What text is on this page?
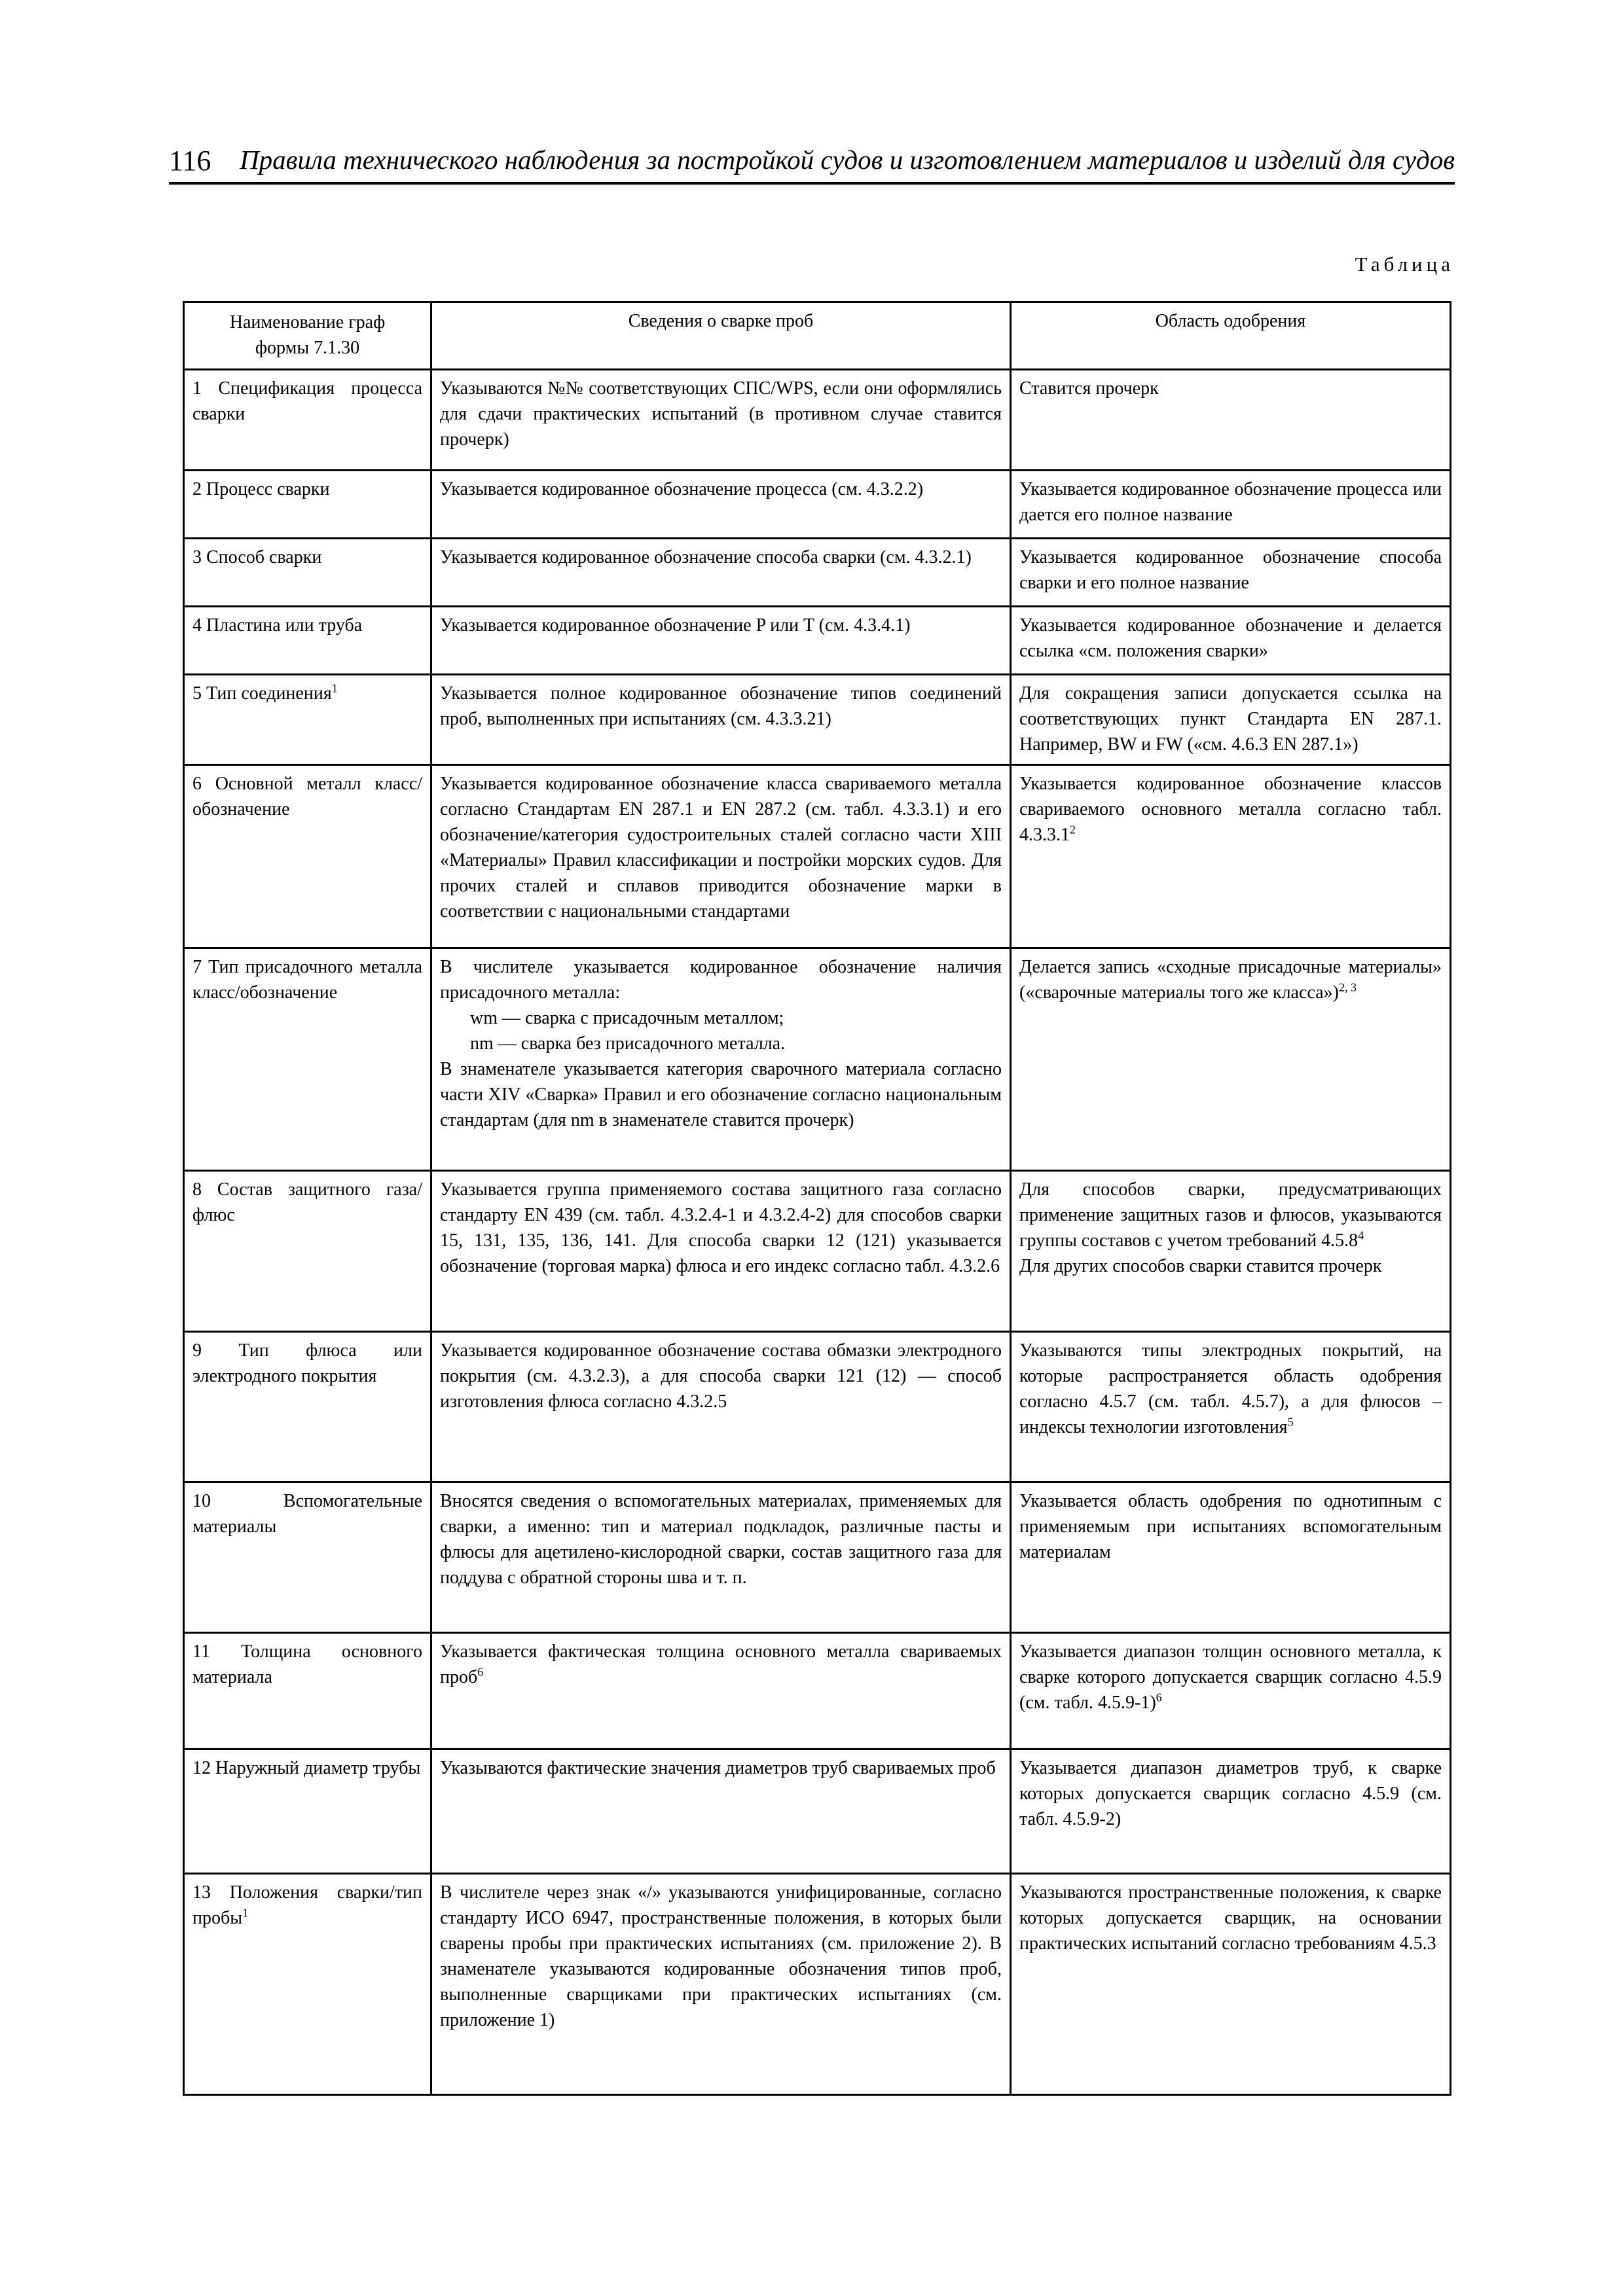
116 Правила технического наблюдения за постройкой судов и изготовлением материалов и изделий для судов
Таблица
Наименование граф формы 7.1.30	Сведения о сварке проб	Область одобрения
1 Спецификация процесса сварки	Указываются №№ соответствующих СПС/WPS, если они оформлялись для сдачи практических испытаний (в противном случае ставится прочерк)	Ставится прочерк
2 Процесс сварки	Указывается кодированное обозначение процесса (см. 4.3.2.2)	Указывается кодированное обозначение процесса или дается его полное название
3 Способ сварки	Указывается кодированное обозначение способа сварки (см. 4.3.2.1)	Указывается кодированное обозначение способа сварки и его полное название
4 Пластина или труба	Указывается кодированное обозначение P или T (см. 4.3.4.1)	Указывается кодированное обозначение и делается ссылка «см. положения сварки»
5 Тип соединения$^1$	Указывается полное кодированное обозначение типов соединений проб, выполненных при испытаниях (см. 4.3.3.21)	Для сокращения записи допускается ссылка на соответствующих пункт Стандарта EN 287.1. Например, BW и FW («см. 4.6.3 EN 287.1»)
6 Основной металл класс/обозначение	Указывается кодированное обозначение класса свариваемого металла согласно Стандартам EN 287.1 и EN 287.2 (см. табл. 4.3.3.1) и его обозначение/категория судостроительных сталей согласно части XIII «Материалы» Правил классификации и постройки морских судов. Для прочих сталей и сплавов приводится обозначение марки в соответствии с национальными стандартами	Указывается кодированное обозначение классов свариваемого основного металла согласно табл. 4.3.3.1$^2$
7 Тип присадочного металла класс/обозначение	В числителе указывается кодированное обозначение наличия присадочного металла:
wm — сварка с присадочным металлом;
nm — сварка без присадочного металла.
В знаменателе указывается категория сварочного материала согласно части XIV «Сварка» Правил и его обозначение согласно национальным стандартам (для nm в знаменателе ставится прочерк)	Делается запись «сходные присадочные материалы» («сварочные материалы того же класса»)$^{2, 3}$
8 Состав защитного газа/флюс	Указывается группа применяемого состава защитного газа согласно стандарту EN 439 (см. табл. 4.3.2.4-1 и 4.3.2.4-2) для способов сварки 15, 131, 135, 136, 141. Для способа сварки 12 (121) указывается обозначение (торговая марка) флюса и его индекс согласно табл. 4.3.2.6	Для способов сварки, предусматривающих применение защитных газов и флюсов, указываются группы составов с учетом требований 4.5.8$^4$
Для других способов сварки ставится прочерк

9 Тип флюса или электродного покрытия	Указывается кодированное обозначение состава обмазки электродного покрытия (см. 4.3.2.3), а для способа сварки 121 (12) — способ изготовления флюса согласно 4.3.2.5	Указываются типы электродных покрытий, на которые распространяется область одобрения согласно 4.5.7 (см. табл. 4.5.7), а для флюсов – индексы технологии изготовления$^5$
10 Вспомогательные материалы	Вносятся сведения о вспомогательных материалах, применяемых для сварки, а именно: тип и материал подкладок, различные пасты и флюсы для ацетилено-кислородной сварки, состав защитного газа для поддува с обратной стороны шва и т. п.	Указывается область одобрения по однотипным с применяемым при испытаниях вспомогательным материалам
11 Толщина основного материала	Указывается фактическая толщина основного металла свариваемых проб$^6$	Указывается диапазон толщин основного металла, к сварке которого допускается сварщик согласно 4.5.9 (см. табл. 4.5.9-1)$^6$
12 Наружный диаметр трубы	Указываются фактические значения диаметров труб свариваемых проб	Указывается диапазон диаметров труб, к сварке которых допускается сварщик согласно 4.5.9 (см. табл. 4.5.9-2)
13 Положения сварки/тип пробы$^1$	В числителе через знак «/» указываются унифицированные, согласно стандарту ИСО 6947, пространственные положения, в которых были сварены пробы при практических испытаниях (см. приложение 2). В знаменателе указываются кодированные обозначения типов проб, выполненные сварщиками при практических испытаниях (см. приложение 1)	Указываются пространственные положения, к сварке которых допускается сварщик, на основании практических испытаний согласно требованиям 4.5.3
